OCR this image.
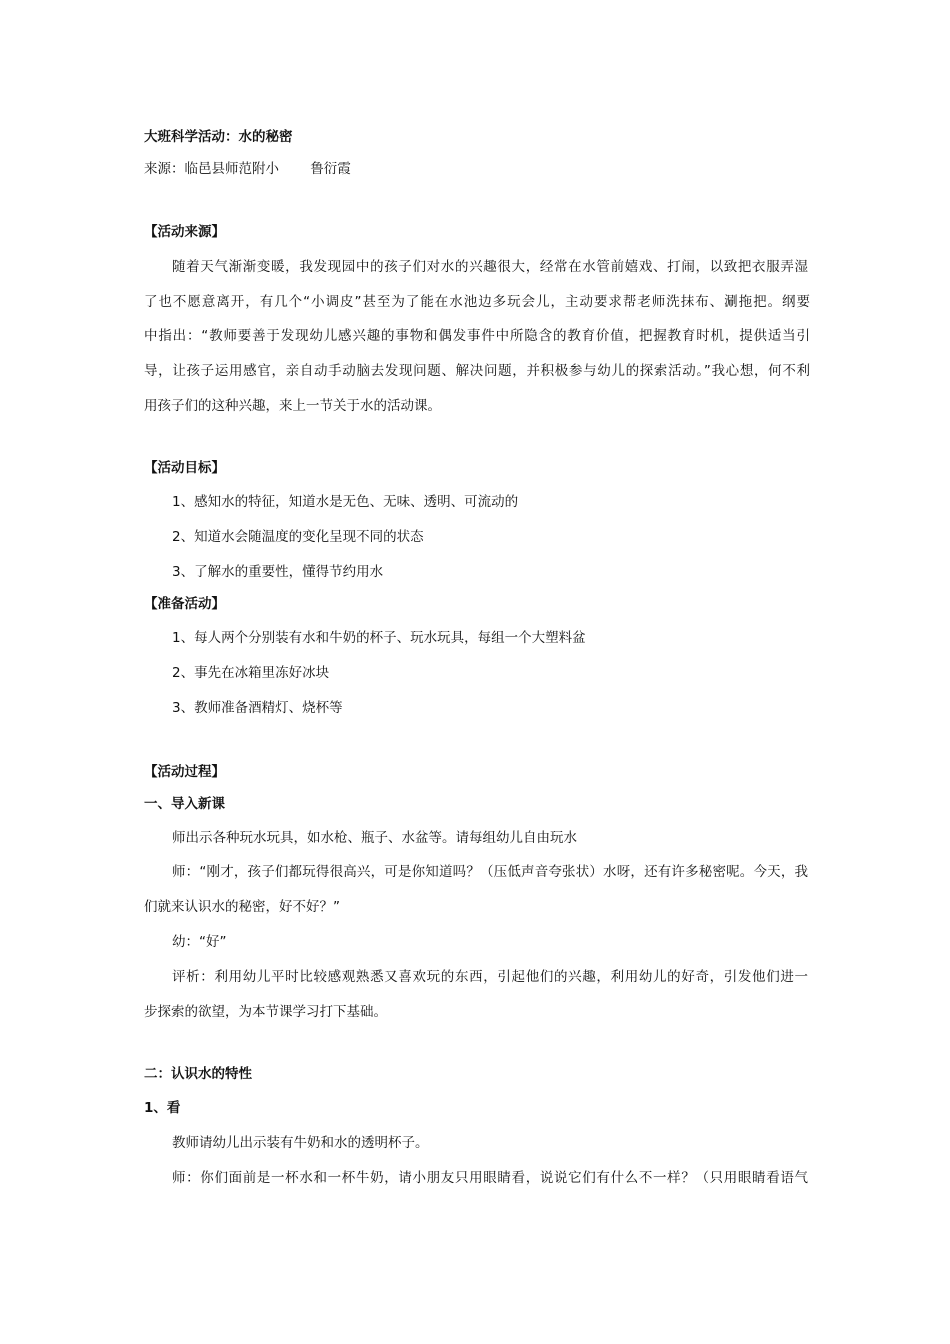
大班科学活动：水的秘密
来源：临邑县师范附小　　 鲁衍霞
【活动来源】
随着天气渐渐变暖，我发现园中的孩子们对水的兴趣很大，经常在水管前嬉戏、打闹，以致把衣服弄湿
了也不愿意离开，有几个“小调皮”甚至为了能在水池边多玩会儿，主动要求帮老师洗抹布、涮拖把。纲要
中指出：“教师要善于发现幼儿感兴趣的事物和偶发事件中所隐含的教育价值，把握教育时机，提供适当引
导，让孩子运用感官，亲自动手动脑去发现问题、解决问题，并积极参与幼儿的探索活动。”我心想，何不利
用孩子们的这种兴趣，来上一节关于水的活动课。
【活动目标】
1、感知水的特征，知道水是无色、无味、透明、可流动的
2、知道水会随温度的变化呈现不同的状态
3、了解水的重要性，懂得节约用水
【准备活动】
1、每人两个分别装有水和牛奶的杯子、玩水玩具，每组一个大塑料盆
2、事先在冰箱里冻好冰块
3、教师准备酒精灯、烧杯等
【活动过程】
一、导入新课
师出示各种玩水玩具，如水枪、瓶子、水盆等。请每组幼儿自由玩水
师：“刚才，孩子们都玩得很高兴，可是你知道吗？（压低声音夸张状）水呀，还有许多秘密呢。今天，我
们就来认识水的秘密，好不好？”
幼：“好”
评析：利用幼儿平时比较感观熟悉又喜欢玩的东西，引起他们的兴趣，利用幼儿的好奇，引发他们进一
步探索的欲望，为本节课学习打下基础。
二：认识水的特性
1、看
教师请幼儿出示装有牛奶和水的透明杯子。
师：你们面前是一杯水和一杯牛奶，请小朋友只用眼睛看，说说它们有什么不一样？（只用眼睛看语气
